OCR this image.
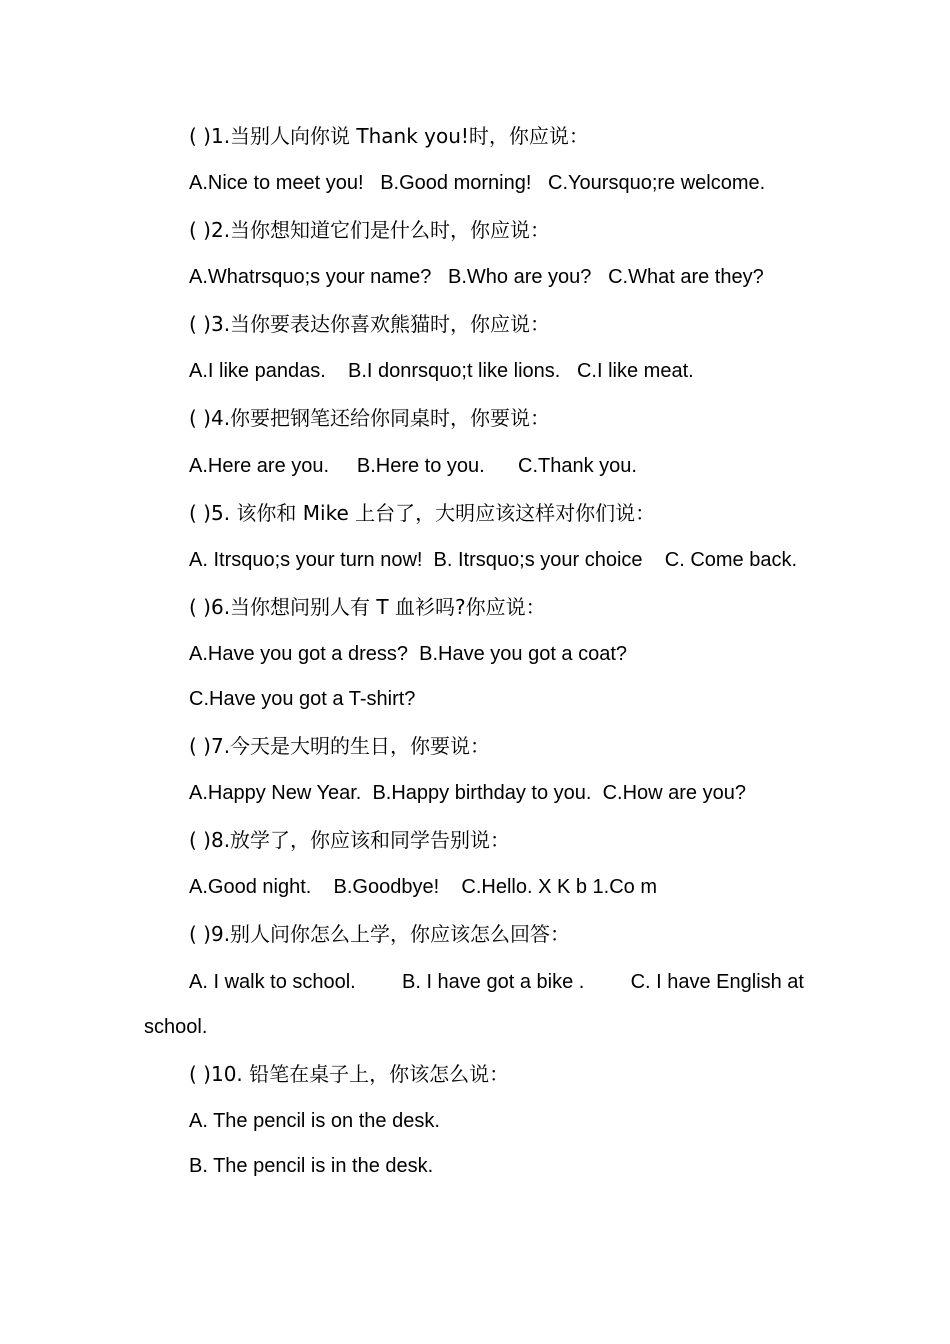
( )1.当别人向你说 Thank you!时，你应说：
A.Nice to meet you!   B.Good morning!   C.Yoursquo;re welcome.
( )2.当你想知道它们是什么时，你应说：
A.Whatrsquo;s your name?   B.Who are you?   C.What are they?
( )3.当你要表达你喜欢熊猫时，你应说：
A.I like pandas.    B.I donrsquo;t like lions.   C.I like meat.
( )4.你要把钢笔还给你同桌时，你要说：
A.Here are you.     B.Here to you.      C.Thank you.
( )5. 该你和 Mike 上台了，大明应该这样对你们说：
A. Itrsquo;s your turn now!  B. Itrsquo;s your choice    C. Come back.
( )6.当你想问别人有 T 血衫吗?你应说：
A.Have you got a dress?  B.Have you got a coat?
C.Have you got a T-shirt?
( )7.今天是大明的生日，你要说：
A.Happy New Year.  B.Happy birthday to you.  C.How are you?
( )8.放学了，你应该和同学告别说：
A.Good night.    B.Goodbye!    C.Hello. X K b 1.Co m
( )9.别人问你怎么上学，你应该怎么回答：
A. I walk to school. B. I have got a bike . C. I have English at
school.
( )10. 铅笔在桌子上，你该怎么说：
A. The pencil is on the desk.
B. The pencil is in the desk.
